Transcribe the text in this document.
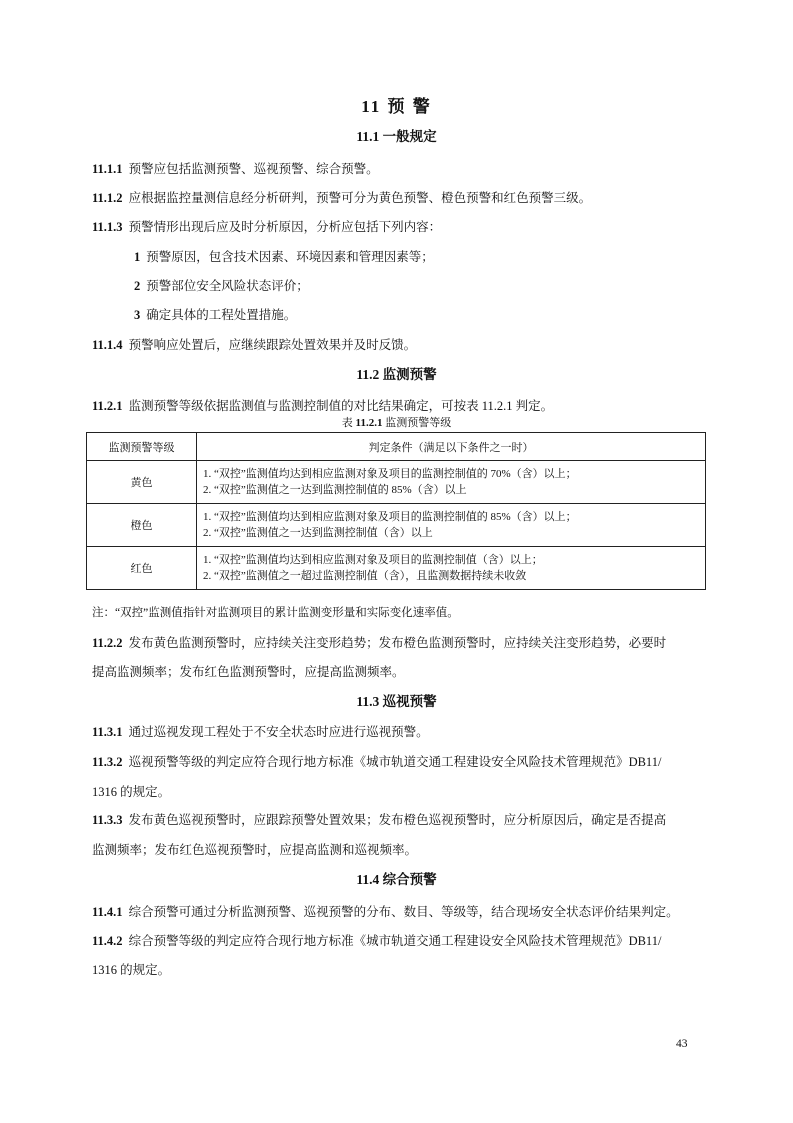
11 预 警
11.1 一般规定
11.1.1 预警应包括监测预警、巡视预警、综合预警。
11.1.2 应根据监控量测信息经分析研判，预警可分为黄色预警、橙色预警和红色预警三级。
11.1.3 预警情形出现后应及时分析原因，分析应包括下列内容：
1 预警原因，包含技术因素、环境因素和管理因素等；
2 预警部位安全风险状态评价；
3 确定具体的工程处置措施。
11.1.4 预警响应处置后，应继续跟踪处置效果并及时反馈。
11.2 监测预警
11.2.1 监测预警等级依据监测值与监测控制值的对比结果确定，可按表 11.2.1 判定。
表 11.2.1 监测预警等级
监测预警等级	判定条件（满足以下条件之一时）
黄色	1. “双控”监测值均达到相应监测对象及项目的监测控制值的 70%（含）以上；
2. “双控”监测值之一达到监测控制值的 85%（含）以上

橙色	1. “双控”监测值均达到相应监测对象及项目的监测控制值的 85%（含）以上；
2. “双控”监测值之一达到监测控制值（含）以上

红色	1. “双控”监测值均达到相应监测对象及项目的监测控制值（含）以上；
2. “双控”监测值之一超过监测控制值（含），且监测数据持续未收敛
注：“双控”监测值指针对监测项目的累计监测变形量和实际变化速率值。
11.2.2 发布黄色监测预警时，应持续关注变形趋势；发布橙色监测预警时，应持续关注变形趋势，必要时
提高监测频率；发布红色监测预警时，应提高监测频率。
11.3 巡视预警
11.3.1 通过巡视发现工程处于不安全状态时应进行巡视预警。
11.3.2 巡视预警等级的判定应符合现行地方标准《城市轨道交通工程建设安全风险技术管理规范》DB11/
1316 的规定。
11.3.3 发布黄色巡视预警时，应跟踪预警处置效果；发布橙色巡视预警时，应分析原因后，确定是否提高
监测频率；发布红色巡视预警时，应提高监测和巡视频率。
11.4 综合预警
11.4.1 综合预警可通过分析监测预警、巡视预警的分布、数目、等级等，结合现场安全状态评价结果判定。
11.4.2 综合预警等级的判定应符合现行地方标准《城市轨道交通工程建设安全风险技术管理规范》DB11/
1316 的规定。
43
